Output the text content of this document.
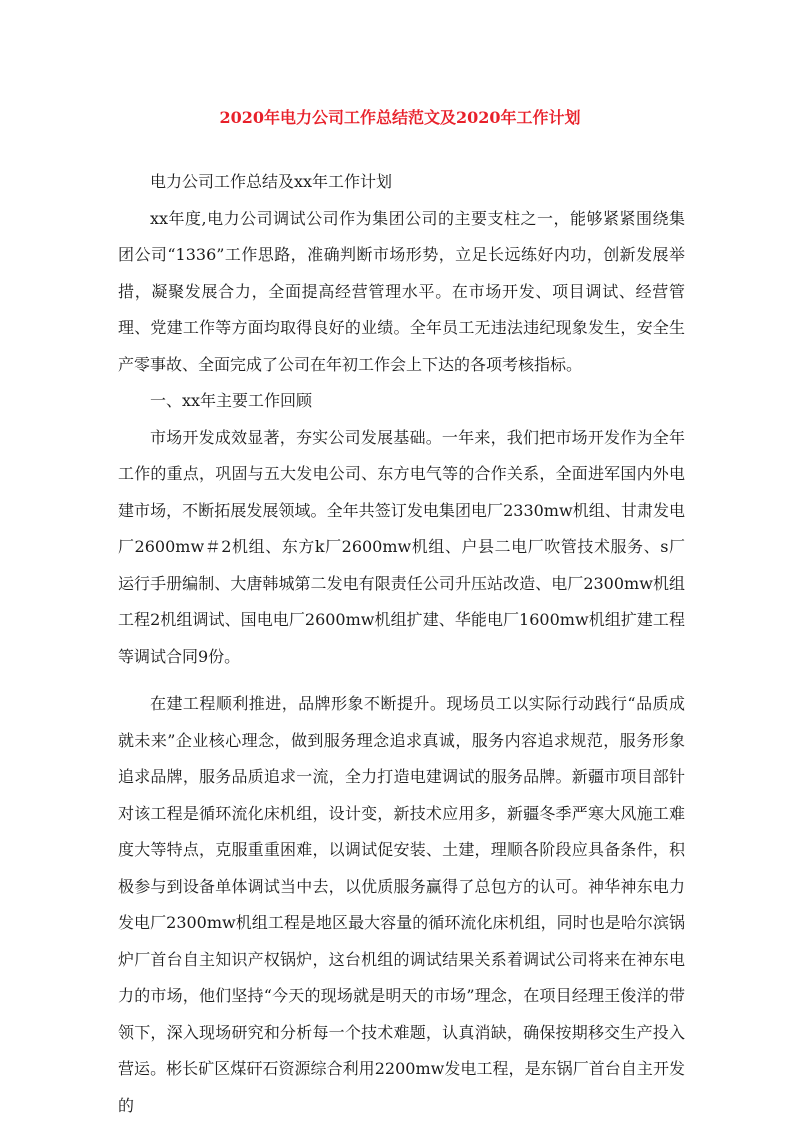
2020年电力公司工作总结范文及2020年工作计划

电力公司工作总结及xx年工作计划

xx年度,电力公司调试公司作为集团公司的主要支柱之一，能够紧紧围绕集团公司“1336”工作思路，准确判断市场形势，立足长远练好内功，创新发展举措，凝聚发展合力，全面提高经营管理水平。在市场开发、项目调试、经营管理、党建工作等方面均取得良好的业绩。全年员工无违法违纪现象发生，安全生产零事故、全面完成了公司在年初工作会上下达的各项考核指标。

一、xx年主要工作回顾

市场开发成效显著，夯实公司发展基础。一年来，我们把市场开发作为全年工作的重点，巩固与五大发电公司、东方电气等的合作关系，全面进军国内外电建市场，不断拓展发展领域。全年共签订发电集团电厂2330mw机组、甘肃发电厂2600mw＃2机组、东方k厂2600mw机组、户县二电厂吹管技术服务、s厂运行手册编制、大唐韩城第二发电有限责任公司升压站改造、电厂2300mw机组工程2机组调试、国电电厂2600mw机组扩建、华能电厂1600mw机组扩建工程等调试合同9份。

在建工程顺利推进，品牌形象不断提升。现场员工以实际行动践行“品质成就未来”企业核心理念，做到服务理念追求真诚，服务内容追求规范，服务形象追求品牌，服务品质追求一流，全力打造电建调试的服务品牌。新疆市项目部针对该工程是循环流化床机组，设计变，新技术应用多，新疆冬季严寒大风施工难度大等特点，克服重重困难，以调试促安装、土建，理顺各阶段应具备条件，积极参与到设备单体调试当中去，以优质服务赢得了总包方的认可。神华神东电力发电厂2300mw机组工程是地区最大容量的循环流化床机组，同时也是哈尔滨锅炉厂首台自主知识产权锅炉，这台机组的调试结果关系着调试公司将来在神东电力的市场，他们坚持“今天的现场就是明天的市场”理念，在项目经理王俊洋的带领下，深入现场研究和分析每一个技术难题，认真消缺，确保按期移交生产投入营运。彬长矿区煤矸石资源综合利用2200mw发电工程，是东锅厂首台自主开发的
